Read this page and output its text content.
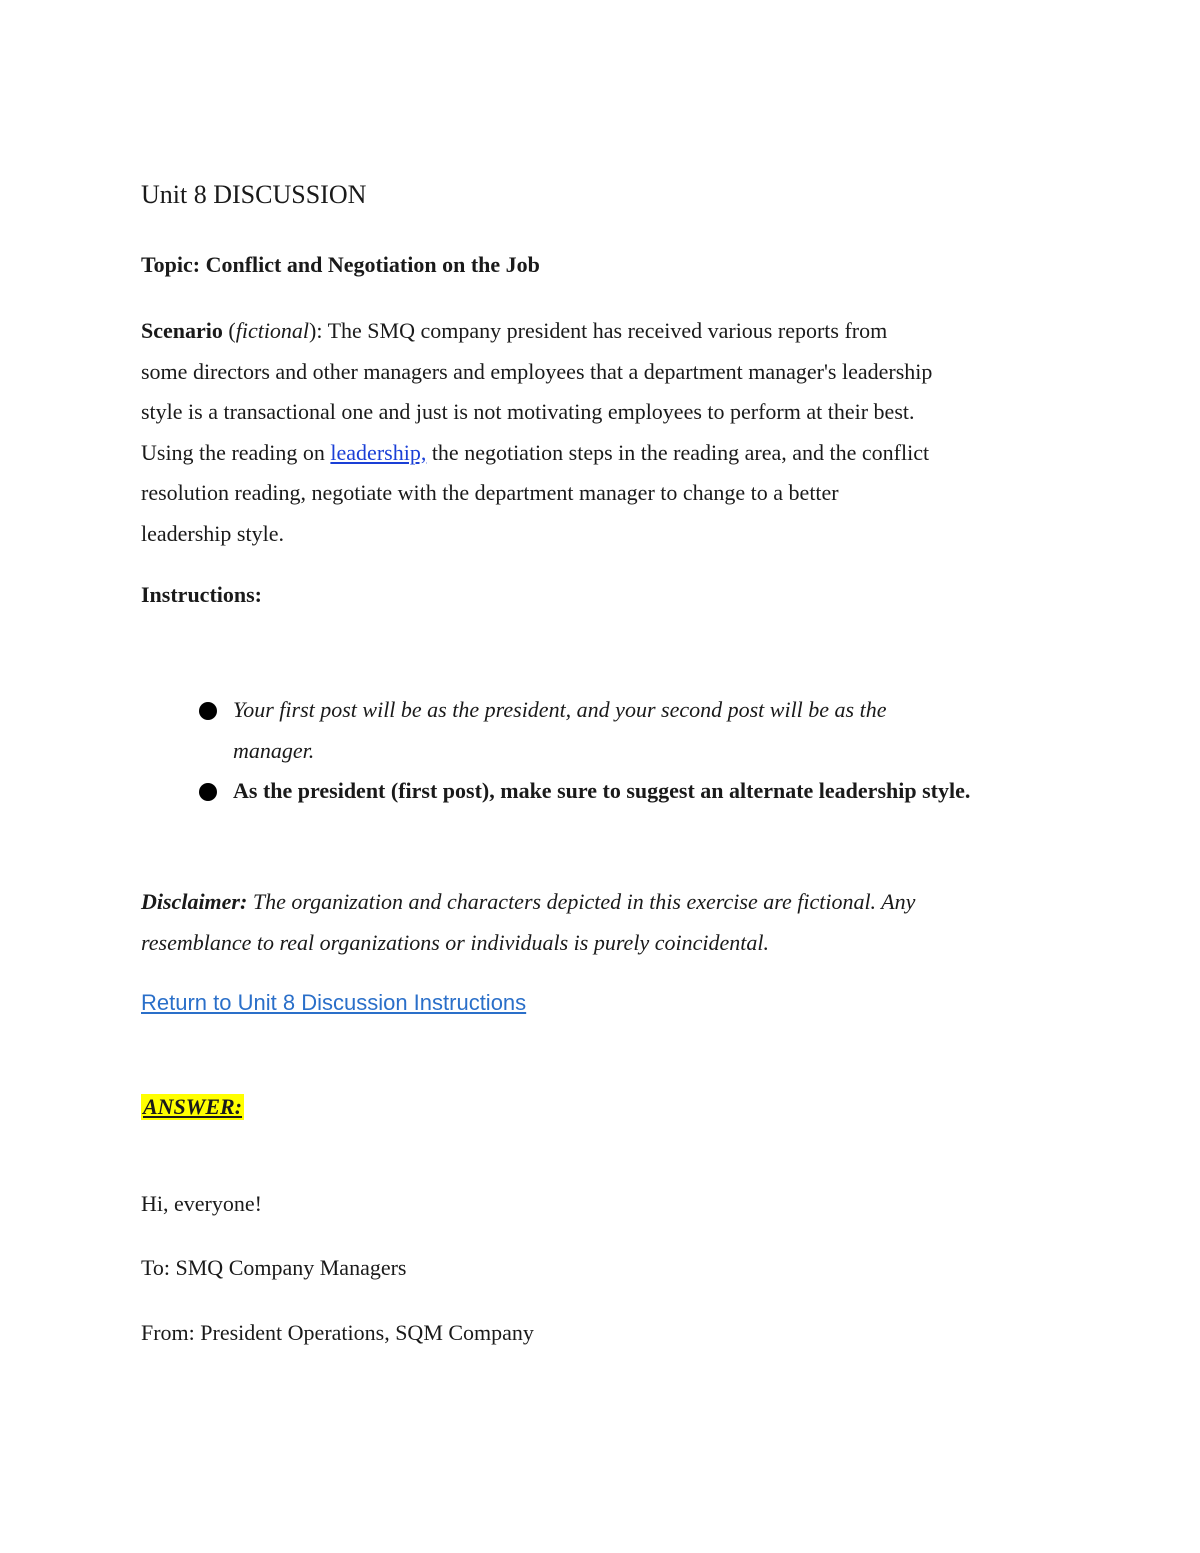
Unit 8 DISCUSSION
Topic: Conflict and Negotiation on the Job
Scenario (fictional): The SMQ company president has received various reports from
some directors and other managers and employees that a department manager's leadership
style is a transactional one and just is not motivating employees to perform at their best.
Using the reading on leadership, the negotiation steps in the reading area, and the conflict
resolution reading, negotiate with the department manager to change to a better
leadership style.
Instructions:
Your first post will be as the president, and your second post will be as the
manager.
As the president (first post), make sure to suggest an alternate leadership style.
Disclaimer: The organization and characters depicted in this exercise are fictional. Any
resemblance to real organizations or individuals is purely coincidental.
Return to Unit 8 Discussion Instructions
ANSWER:
Hi, everyone!
To: SMQ Company Managers
From: President Operations, SQM Company
